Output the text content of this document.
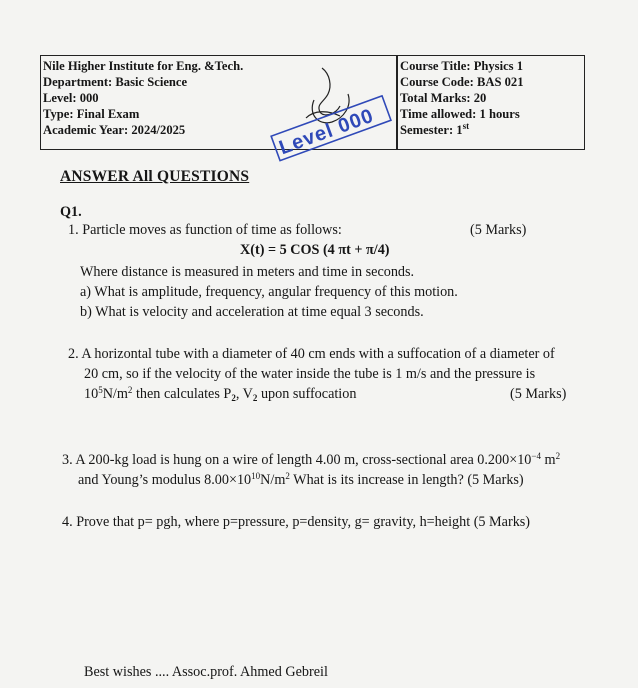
Nile Higher Institute for Eng. &Tech.
Department: Basic Science
Level: 000
Type: Final Exam
Academic Year: 2024/2025
Course Title: Physics 1
Course Code: BAS 021
Total Marks: 20
Time allowed: 1 hours
Semester: 1st
Level 000
ANSWER All QUESTIONS
Q1.
1. Particle moves as function of time as follows:	(5 Marks)
X(t) = 5 COS (4 πt + π/4)
Where distance is measured in meters and time in seconds.
a) What is amplitude, frequency, angular frequency of this motion.
b) What is velocity and acceleration at time equal 3 seconds.
2. A horizontal tube with a diameter of 40 cm ends with a suffocation of a diameter of
20 cm, so if the velocity of the water inside the tube is 1 m/s and the pressure is
$10^5N/m^2$ then calculates $P_2$, $V_2$ upon suffocation	(5 Marks)
3. A 200-kg load is hung on a wire of length 4.00 m, cross-sectional area $0.200\times 10^{-4}$ $m^2$
and Young’s modulus $8.00\times 10^{10}N/m^2$ What is its increase in length? (5 Marks)
4. Prove that p= pgh, where p=pressure, p=density, g= gravity, h=height (5 Marks)
Best wishes .... Assoc.prof. Ahmed Gebreil
